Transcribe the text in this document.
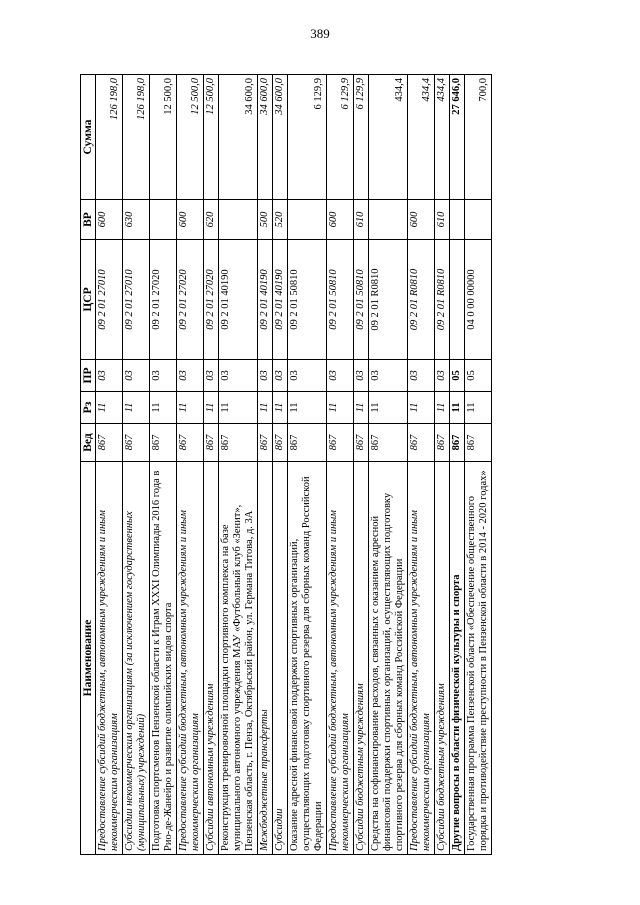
389
Наименование	Вед	Рз	ПР	ЦСР	ВР	Сумма
Предоставление субсидий бюджетным, автономным учреждениям и иным некоммерческим организациям	867	11	03	09 2 01 27010	600	126 198,0
Субсидии некоммерческим организациям (за исключением государственных (муниципальных) учреждений)	867	11	03	09 2 01 27010	630	126 198,0
Подготовка спортсменов Пензенской области к Играм XXXI Олимпиады 2016 года в Рио-де-Жанейро и развитие олимпийских видов спорта	867	11	03	09 2 01 27020		12 500,0
Предоставление субсидий бюджетным, автономным учреждениям и иным некоммерческим организациям	867	11	03	09 2 01 27020	600	12 500,0
Субсидии автономным учреждениям	867	11	03	09 2 01 27020	620	12 500,0
Реконструкция тренировочной площадки спортивного комплекса на базе муниципального автономного учреждения МАУ «Футбольный клуб «Зенит», Пензенская область, г. Пенза, Октябрьский район, ул. Германа Титова, д. 3А	867	11	03	09 2 01 40190		34 600,0
Межбюджетные трансферты	867	11	03	09 2 01 40190	500	34 600,0
Субсидии	867	11	03	09 2 01 40190	520	34 600,0
Оказание адресной финансовой поддержки спортивных организаций, осуществляющих подготовку спортивного резерва для сборных команд Российской Федерации	867	11	03	09 2 01 50810		6 129,9
Предоставление субсидий бюджетным, автономным учреждениям и иным некоммерческим организациям	867	11	03	09 2 01 50810	600	6 129,9
Субсидии бюджетным учреждениям	867	11	03	09 2 01 50810	610	6 129,9
Средства на софинансирование расходов, связанных с оказанием адресной финансовой поддержки спортивных организаций, осуществляющих подготовку спортивного резерва для сборных команд Российской Федерации	867	11	03	09 2 01 R0810		434,4
Предоставление субсидий бюджетным, автономным учреждениям и иным некоммерческим организациям	867	11	03	09 2 01 R0810	600	434,4
Субсидии бюджетным учреждениям	867	11	03	09 2 01 R0810	610	434,4
Другие вопросы в области физической культуры и спорта	867	11	05			27 646,0
Государственная программа Пензенской области «Обеспечение общественного порядка и противодействие преступности в Пензенской области в 2014 - 2020 годах»	867	11	05	04 0 00 00000		700,0
